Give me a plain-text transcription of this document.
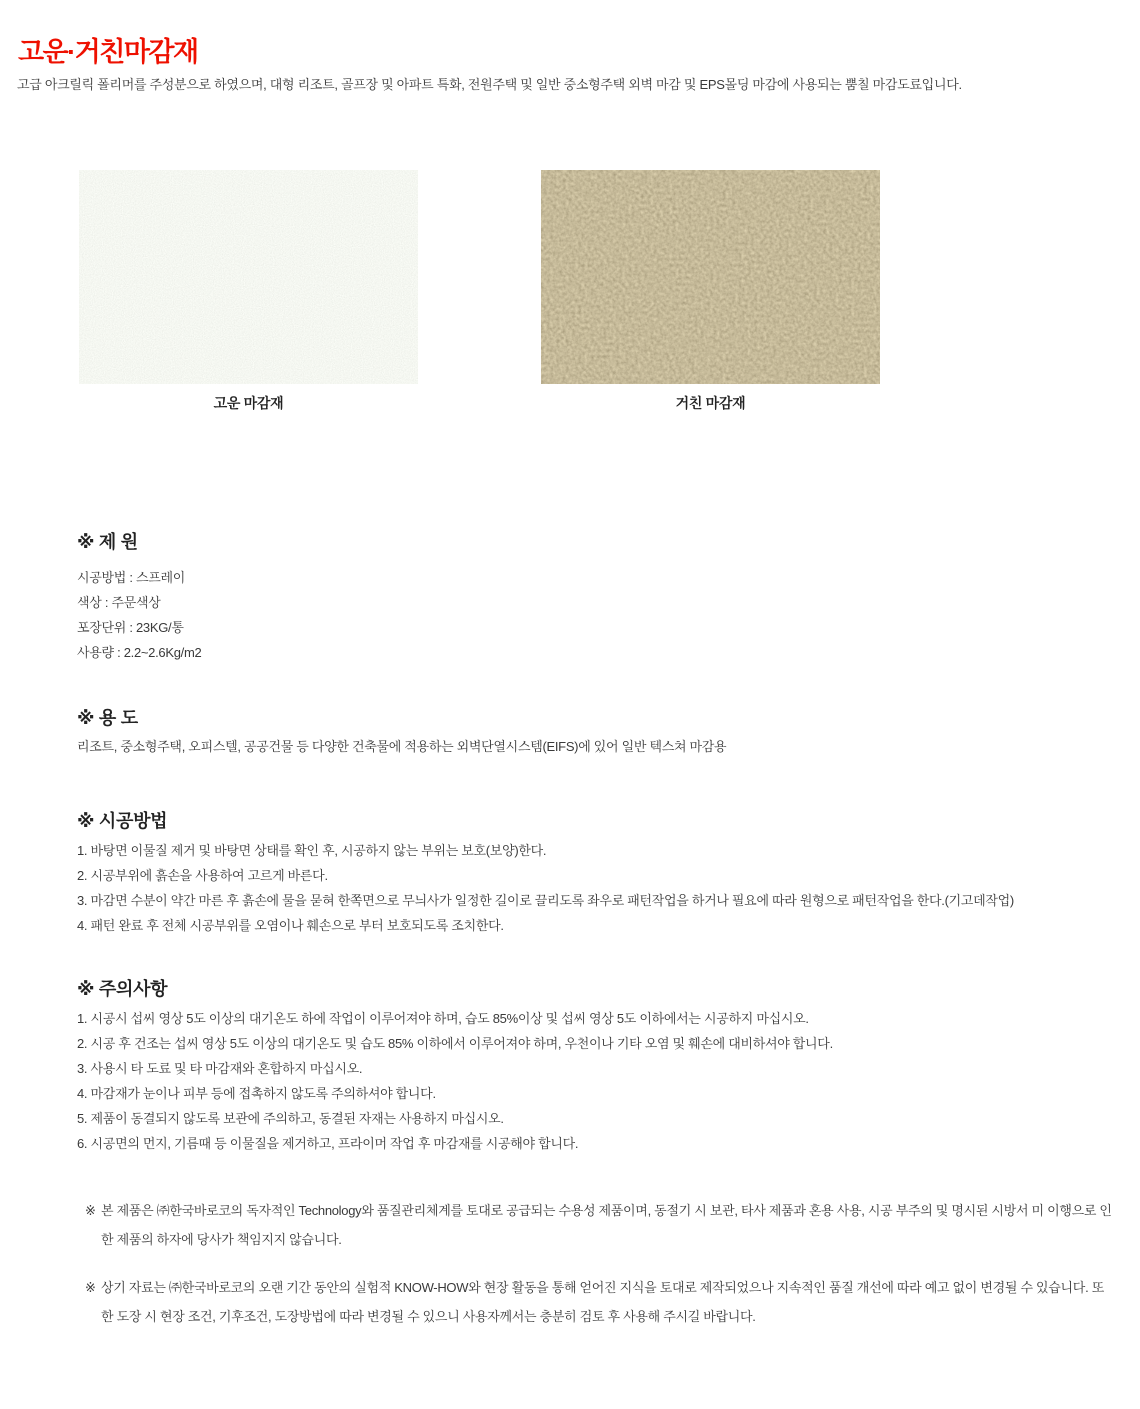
고운·거친마감재

고급 아크릴릭 폴리머를 주성분으로 하였으며, 대형 리조트, 골프장 및 아파트 특화, 전원주택 및 일반 중소형주택 외벽 마감 및 EPS몰딩 마감에 사용되는 뿜칠 마감도료입니다.

고운 마감재	거친 마감재
※ 제 원
시공방법 : 스프레이
색상 : 주문색상
포장단위 : 23KG/통
사용량 : 2.2~2.6Kg/m2
※ 용 도

리조트, 중소형주택, 오피스텔, 공공건물 등 다양한 건축물에 적용하는 외벽단열시스템(EIFS)에 있어 일반 텍스쳐 마감용

※ 시공방법
1. 바탕면 이물질 제거 및 바탕면 상태를 확인 후, 시공하지 않는 부위는 보호(보양)한다.
2. 시공부위에 흙손을 사용하여 고르게 바른다.
3. 마감면 수분이 약간 마른 후 흙손에 물을 묻혀 한쪽면으로 무늬사가 일정한 길이로 끌리도록 좌우로 패턴작업을 하거나 필요에 따라 원형으로 패턴작업을 한다.(기고데작업)
4. 패턴 완료 후 전체 시공부위를 오염이나 훼손으로 부터 보호되도록 조치한다.
※ 주의사항
1. 시공시 섭씨 영상 5도 이상의 대기온도 하에 작업이 이루어져야 하며, 습도 85%이상 및 섭씨 영상 5도 이하에서는 시공하지 마십시오.
2. 시공 후 건조는 섭씨 영상 5도 이상의 대기온도 및 습도 85% 이하에서 이루어져야 하며, 우천이나 기타 오염 및 훼손에 대비하셔야 합니다.
3. 사용시 타 도료 및 타 마감재와 혼합하지 마십시오.
4. 마감재가 눈이나 피부 등에 접촉하지 않도록 주의하셔야 합니다.
5. 제품이 동결되지 않도록 보관에 주의하고, 동결된 자재는 사용하지 마십시오.
6. 시공면의 먼지, 기름때 등 이물질을 제거하고, 프라이머 작업 후 마감재를 시공해야 합니다.
※ 본 제품은 ㈜한국바로코의 독자적인 Technology와 품질관리체계를 토대로 공급되는 수용성 제품이며, 동절기 시 보관, 타사 제품과 혼용 사용, 시공 부주의 및 명시된 시방서 미 이행으로 인한 제품의 하자에 당사가 책임지지 않습니다.

※ 상기 자료는 ㈜한국바로코의 오랜 기간 동안의 실험적 KNOW-HOW와 현장 활동을 통해 얻어진 지식을 토대로 제작되었으나 지속적인 품질 개선에 따라 예고 없이 변경될 수 있습니다. 또한 도장 시 현장 조건, 기후조건, 도장방법에 따라 변경될 수 있으니 사용자께서는 충분히 검토 후 사용해 주시길 바랍니다.
